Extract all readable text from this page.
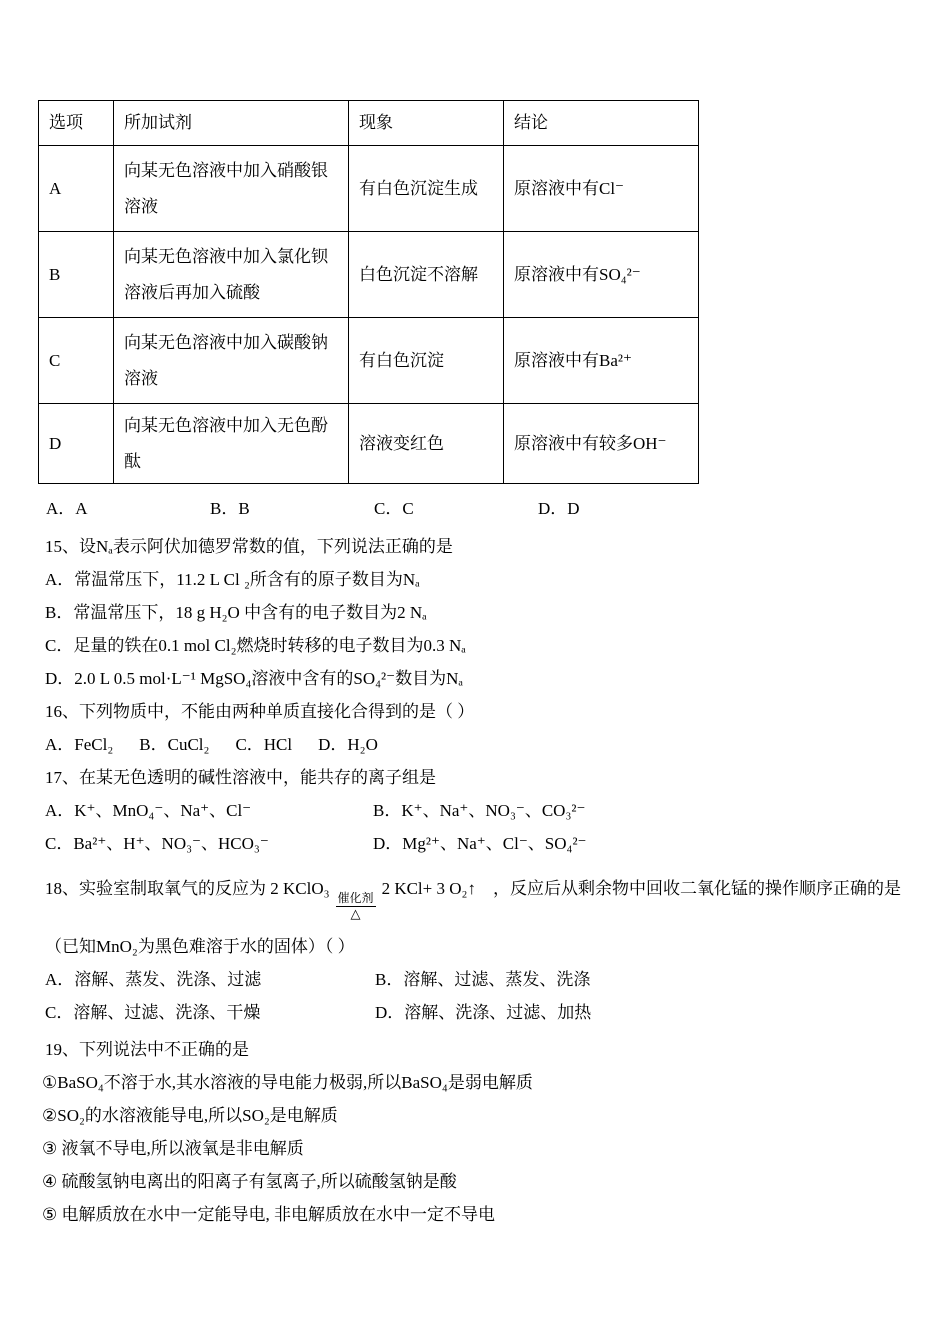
选项	所加试剂	现象	结论
A	向某无色溶液中加入硝酸银溶液	有白色沉淀生成	原溶液中有Cl⁻
B	向某无色溶液中加入氯化钡溶液后再加入硫酸	白色沉淀不溶解	原溶液中有SO₄²⁻
C	向某无色溶液中加入碳酸钠溶液	有白色沉淀	原溶液中有Ba²⁺
D	向某无色溶液中加入无色酚酞	溶液变红色	原溶液中有较多OH⁻
A．A	B．B	C．C	D．D

15、设Nₐ表示阿伏加德罗常数的值，下列说法正确的是

A．常温常压下，11.2 L Cl ₂所含有的原子数目为Nₐ

B．常温常压下，18 g H₂O 中含有的电子数目为2 Nₐ

C．足量的铁在0.1 mol Cl₂燃烧时转移的电子数目为0.3 Nₐ

D．2.0 L 0.5 mol·L⁻¹ MgSO₄溶液中含有的SO₄²⁻数目为Nₐ

16、下列物质中，不能由两种单质直接化合得到的是（ ）

A．FeCl₂ B．CuCl₂ C．HCl D．H₂O

17、在某无色透明的碱性溶液中，能共存的离子组是

A．K⁺、MnO₄⁻、Na⁺、Cl⁻	B．K⁺、Na⁺、NO₃⁻、CO₃²⁻
C．Ba²⁺、H⁺、NO₃⁻、HCO₃⁻	D．Mg²⁺、Na⁺、Cl⁻、SO₄²⁻

18、实验室制取氧气的反应为 2 KClO₃ 催化剂
△
2 KCl+ 3 O₂↑　，反应后从剩余物中回收二氧化锰的操作顺序正确的是

（已知MnO₂为黑色难溶于水的固体）（ ）

A．溶解、蒸发、洗涤、过滤	B．溶解、过滤、蒸发、洗涤
C．溶解、过滤、洗涤、干燥	D．溶解、洗涤、过滤、加热

19、下列说法中不正确的是

①BaSO₄不溶于水,其水溶液的导电能力极弱,所以BaSO₄是弱电解质

②SO₂的水溶液能导电,所以SO₂是电解质

③ 液氧不导电,所以液氧是非电解质

④ 硫酸氢钠电离出的阳离子有氢离子,所以硫酸氢钠是酸

⑤ 电解质放在水中一定能导电, 非电解质放在水中一定不导电
